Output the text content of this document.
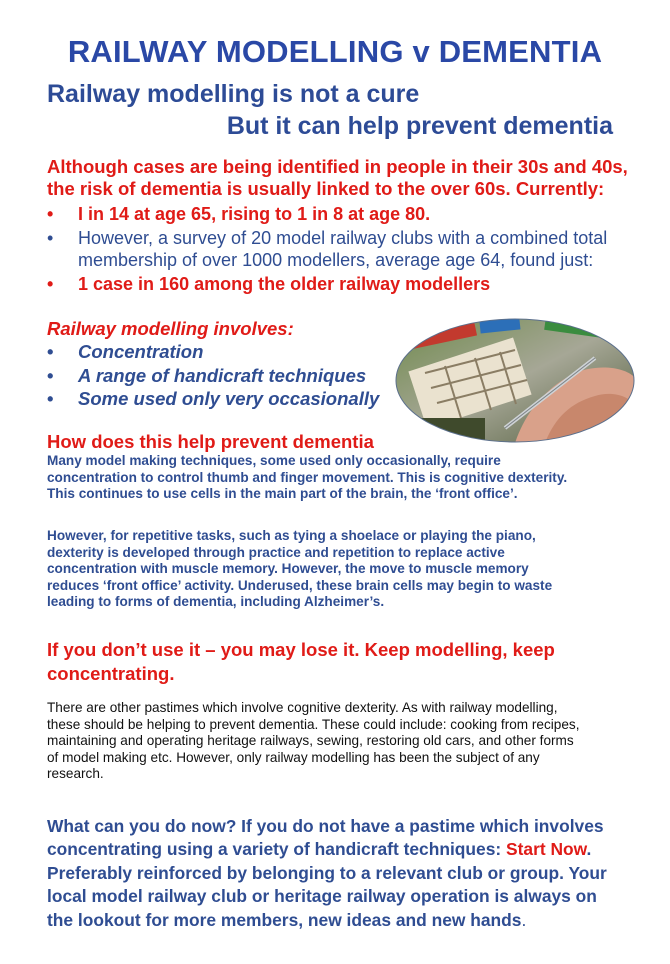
RAILWAY MODELLING v DEMENTIA
Railway modelling is not a cure
But it can help prevent dementia
Although cases are being identified in people in their 30s and 40s,
the risk of dementia is usually linked to the over 60s. Currently:
• I in 14 at age 65, rising to 1 in 8 at age 80.
• However, a survey of 20 model railway clubs with a combined total membership of over 1000 modellers, average age 64, found just:
• 1 case in 160 among the older railway modellers
Railway modelling involves:
• Concentration
• A range of handicraft techniques
• Some used only very occasionally
How does this help prevent dementia
Many model making techniques, some used only occasionally, require
concentration to control thumb and finger movement. This is cognitive dexterity.
This continues to use cells in the main part of the brain, the ‘front office’.
However, for repetitive tasks, such as tying a shoelace or playing the piano,
dexterity is developed through practice and repetition to replace active
concentration with muscle memory. However, the move to muscle memory
reduces ‘front office’ activity. Underused, these brain cells may begin to waste
leading to forms of dementia, including Alzheimer’s.
If you don’t use it – you may lose it. Keep modelling, keep
concentrating.
There are other pastimes which involve cognitive dexterity. As with railway modelling,
these should be helping to prevent dementia. These could include: cooking from recipes,
maintaining and operating heritage railways, sewing, restoring old cars, and other forms
of model making etc. However, only railway modelling has been the subject of any
research.
What can you do now? If you do not have a pastime which involves
concentrating using a variety of handicraft techniques: Start Now.
Preferably reinforced by belonging to a relevant club or group. Your
local model railway club or heritage railway operation is always on
the lookout for more members, new ideas and new hands.
